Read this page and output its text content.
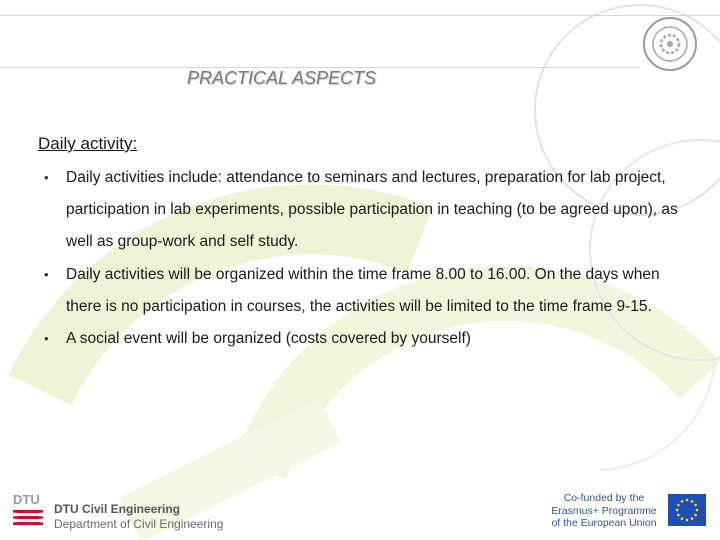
PRACTICAL ASPECTS
Daily activity:
• Daily activities include: attendance to seminars and lectures, preparation for lab project, participation in lab experiments, possible participation in teaching (to be agreed upon), as well as group-work and self study.
• Daily activities will be organized within the time frame 8.00 to 16.00. On the days when there is no participation in courses, the activities will be limited to the time frame 9-15.
• A social event will be organized (costs covered by yourself)
DTU
DTU Civil Engineering
Department of Civil Engineering
Co-funded by the
Erasmus+ Programme
of the European Union
